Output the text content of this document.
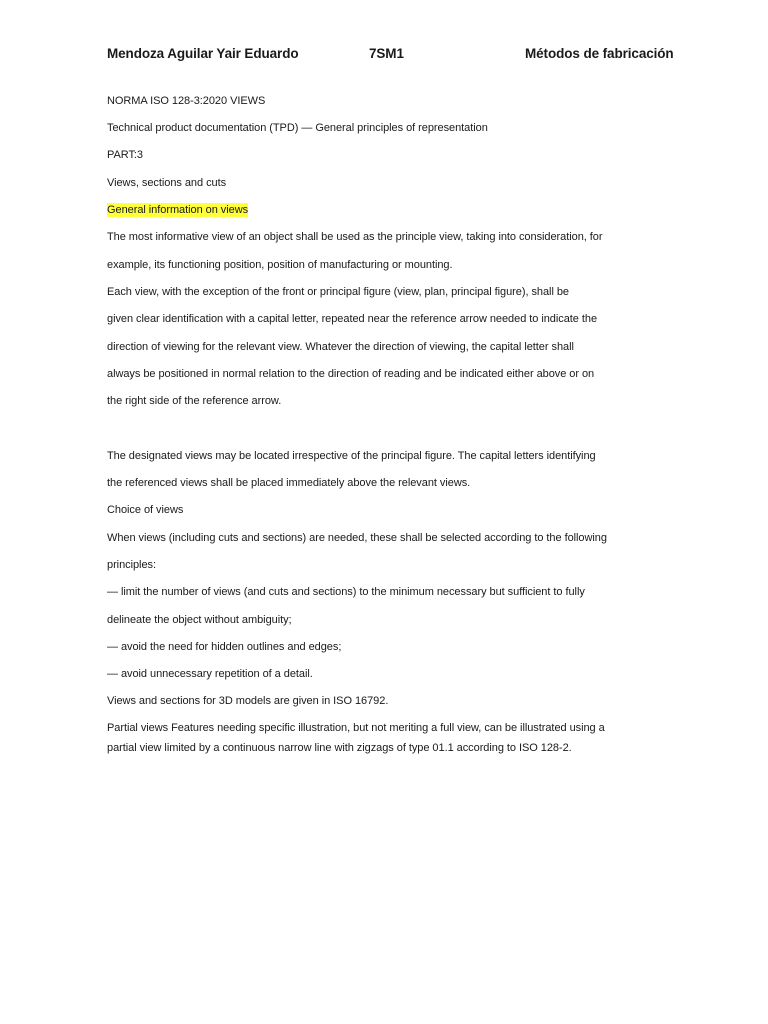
Mendoza Aguilar Yair Eduardo	7SM1	Métodos de fabricación
NORMA ISO 128-3:2020 VIEWS
Technical product documentation (TPD) — General principles of representation
PART:3
Views, sections and cuts
General information on views
The most informative view of an object shall be used as the principle view, taking into consideration, for
example, its functioning position, position of manufacturing or mounting.
Each view, with the exception of the front or principal figure (view, plan, principal figure), shall be
given clear identification with a capital letter, repeated near the reference arrow needed to indicate the
direction of viewing for the relevant view. Whatever the direction of viewing, the capital letter shall
always be positioned in normal relation to the direction of reading and be indicated either above or on
the right side of the reference arrow.
The designated views may be located irrespective of the principal figure. The capital letters identifying
the referenced views shall be placed immediately above the relevant views.
Choice of views
When views (including cuts and sections) are needed, these shall be selected according to the following
principles:
— limit the number of views (and cuts and sections) to the minimum necessary but sufficient to fully
delineate the object without ambiguity;
— avoid the need for hidden outlines and edges;
— avoid unnecessary repetition of a detail.
Views and sections for 3D models are given in ISO 16792.
Partial views Features needing specific illustration, but not meriting a full view, can be illustrated using a
partial view limited by a continuous narrow line with zigzags of type 01.1 according to ISO 128-2.
